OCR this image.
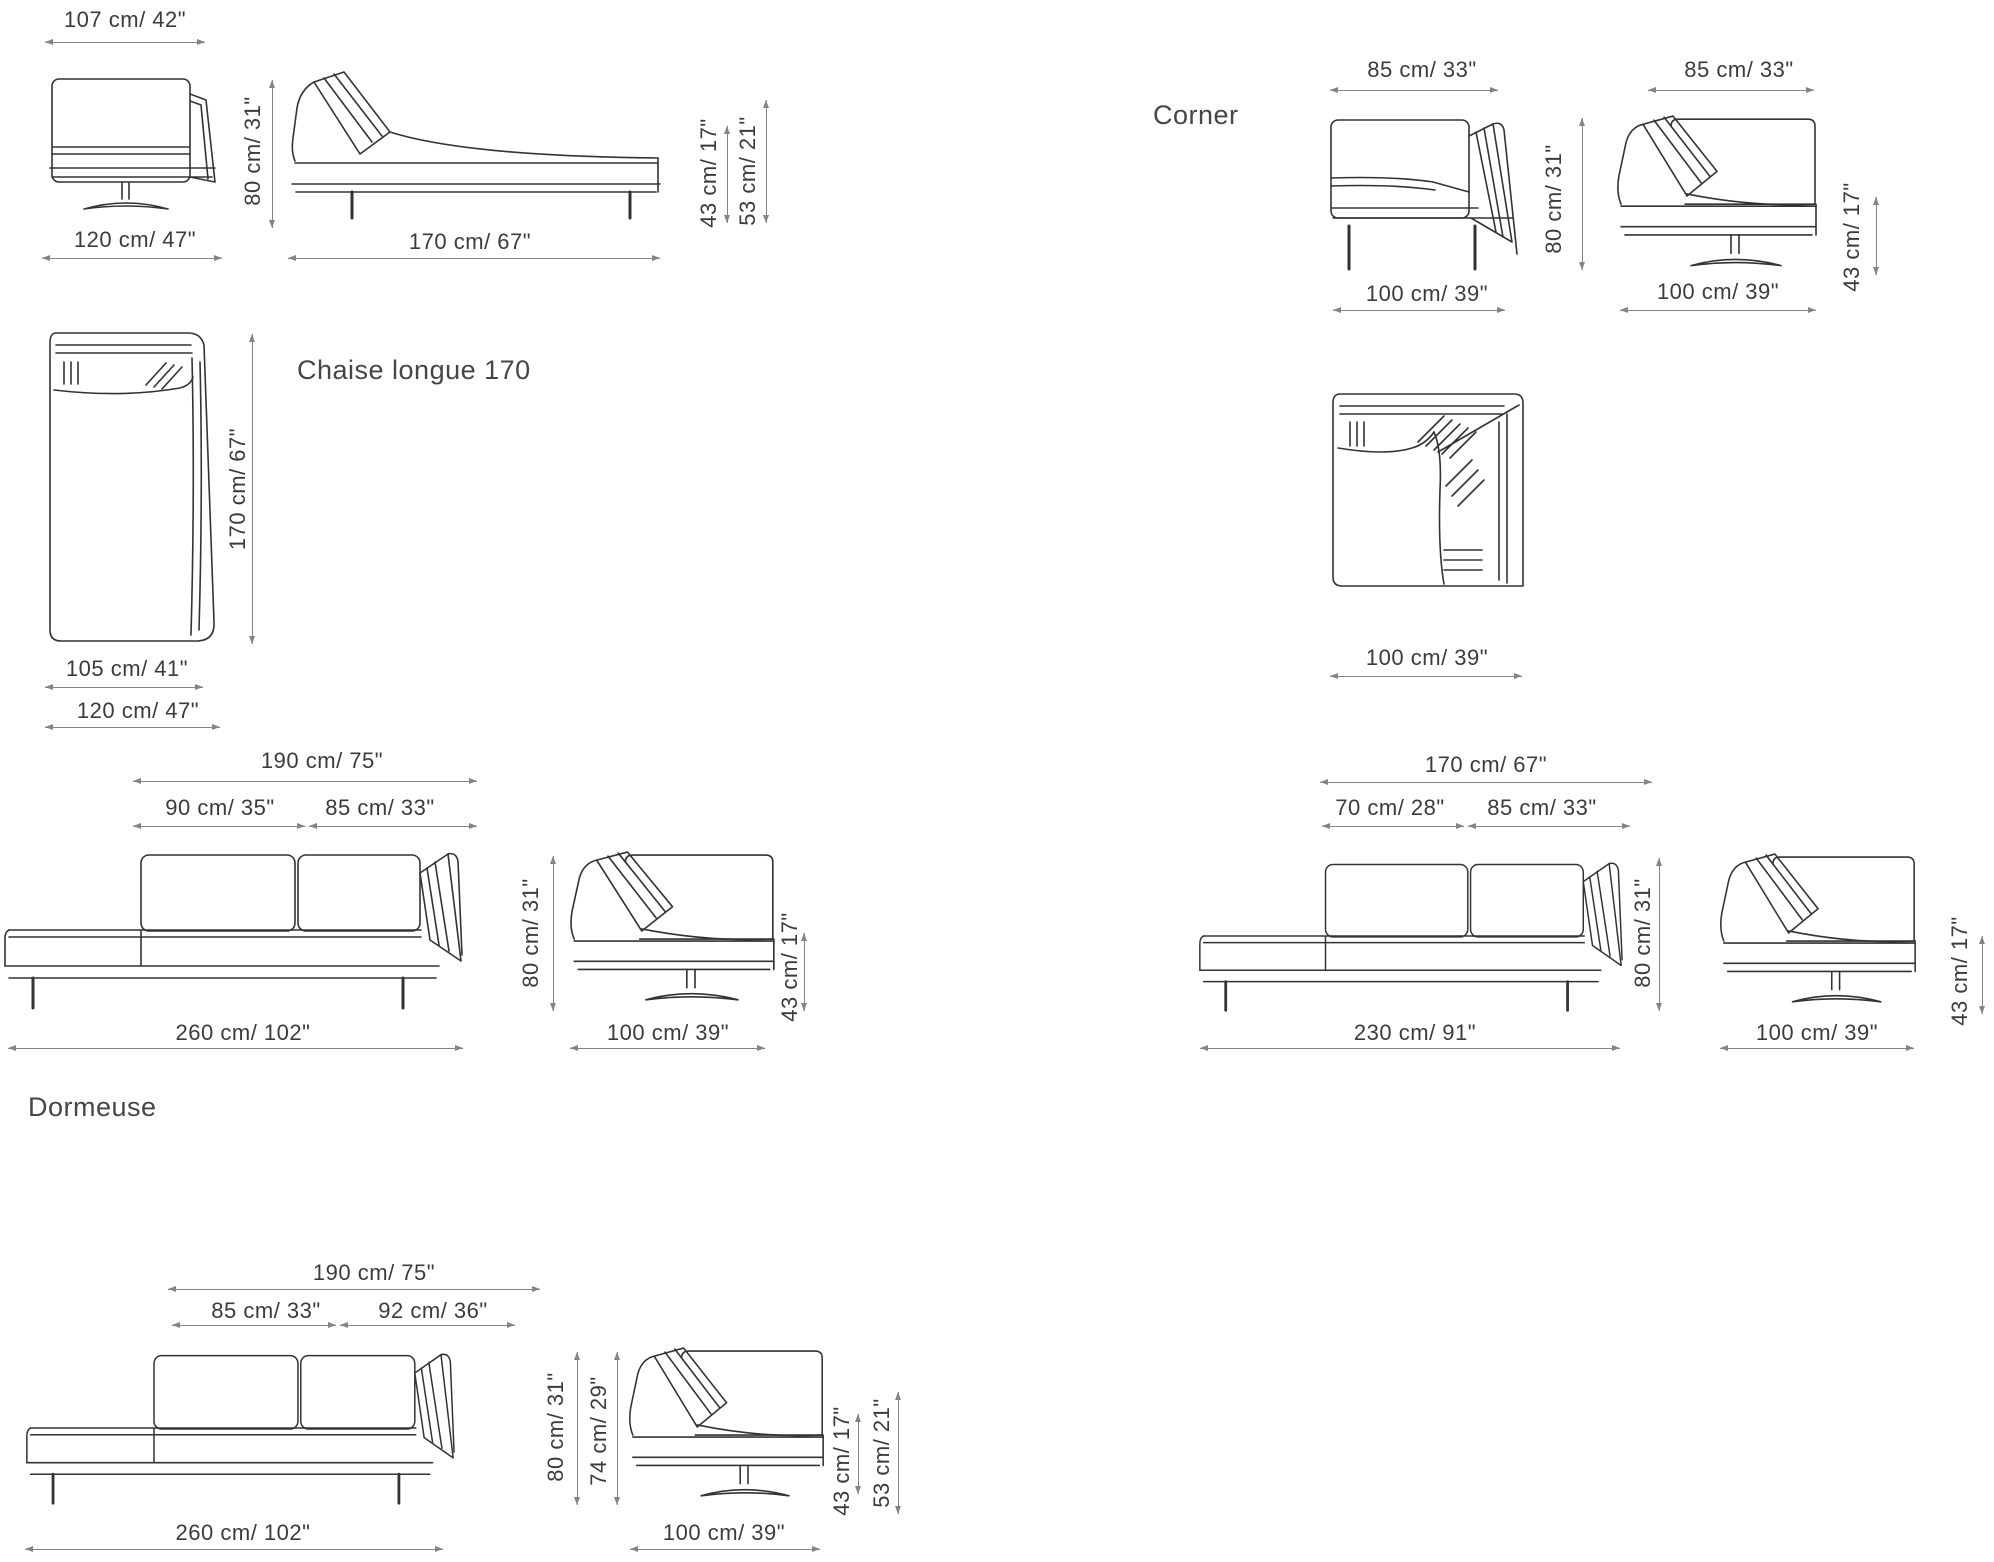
107 cm/ 42"
80 cm/ 31"
120 cm/ 47"	170 cm/ 67"
43 cm/ 17" 53 cm/ 21"
170 cm/ 67"
Chaise longue 170
105 cm/ 41"
120 cm/ 47"
190 cm/ 75"
90 cm/ 35"	85 cm/ 33"
260 cm/ 102"
80 cm/ 31"
100 cm/ 39"
43 cm/ 17"
Dormeuse
190 cm/ 75"
85 cm/ 33"	92 cm/ 36"
260 cm/ 102"
80 cm/ 31" 74 cm/ 29"
100 cm/ 39"
43 cm/ 17" 53 cm/ 21"
Corner
85 cm/ 33"
80 cm/ 31"
100 cm/ 39"
85 cm/ 33"
43 cm/ 17"
100 cm/ 39"
100 cm/ 39"
170 cm/ 67"
70 cm/ 28"	85 cm/ 33"
230 cm/ 91"
80 cm/ 31"
100 cm/ 39"
43 cm/ 17"
